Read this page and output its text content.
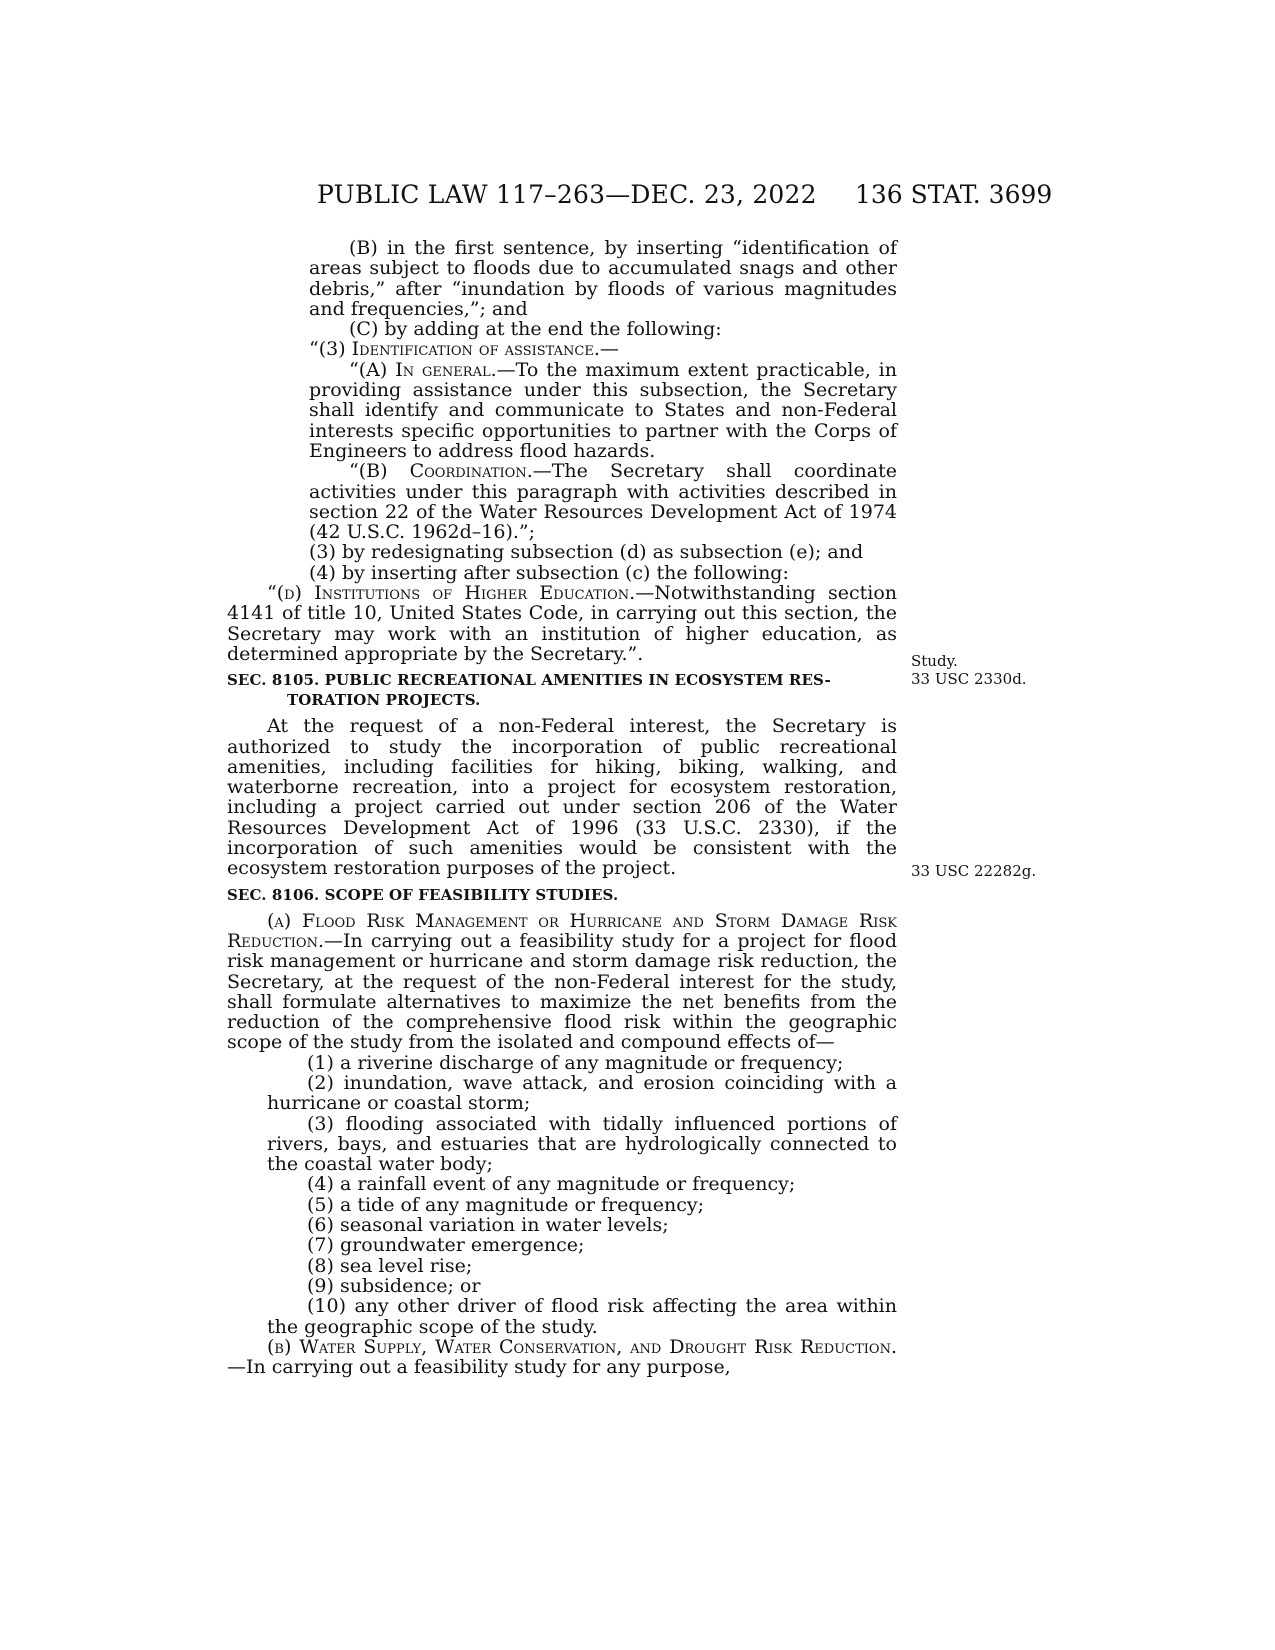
PUBLIC LAW 117–263—DEC. 23, 2022 136 STAT. 3699

(B) in the first sentence, by inserting “identification of areas subject to floods due to accumulated snags and other debris,” after “inundation by floods of various magnitudes and frequencies,”; and

(C) by adding at the end the following:

“(3) Identification of assistance.—

“(A) In general.—To the maximum extent practicable, in providing assistance under this subsection, the Secretary shall identify and communicate to States and non-Federal interests specific opportunities to partner with the Corps of Engineers to address flood hazards.

“(B) Coordination.—The Secretary shall coordinate activities under this paragraph with activities described in section 22 of the Water Resources Development Act of 1974 (42 U.S.C. 1962d–16).”;

(3) by redesignating subsection (d) as subsection (e); and

(4) by inserting after subsection (c) the following:

“(d) Institutions of Higher Education.—Notwithstanding section 4141 of title 10, United States Code, in carrying out this section, the Secretary may work with an institution of higher education, as determined appropriate by the Secretary.”.

SEC. 8105. PUBLIC RECREATIONAL AMENITIES IN ECOSYSTEM RES-
TORATION PROJECTS.

At the request of a non-Federal interest, the Secretary is authorized to study the incorporation of public recreational amenities, including facilities for hiking, biking, walking, and waterborne recreation, into a project for ecosystem restoration, including a project carried out under section 206 of the Water Resources Development Act of 1996 (33 U.S.C. 2330), if the incorporation of such amenities would be consistent with the ecosystem restoration purposes of the project.

SEC. 8106. SCOPE OF FEASIBILITY STUDIES.

(a) Flood Risk Management or Hurricane and Storm Damage Risk Reduction.—In carrying out a feasibility study for a project for flood risk management or hurricane and storm damage risk reduction, the Secretary, at the request of the non-Federal interest for the study, shall formulate alternatives to maximize the net benefits from the reduction of the comprehensive flood risk within the geographic scope of the study from the isolated and compound effects of—

(1) a riverine discharge of any magnitude or frequency;

(2) inundation, wave attack, and erosion coinciding with a hurricane or coastal storm;

(3) flooding associated with tidally influenced portions of rivers, bays, and estuaries that are hydrologically connected to the coastal water body;

(4) a rainfall event of any magnitude or frequency;

(5) a tide of any magnitude or frequency;

(6) seasonal variation in water levels;

(7) groundwater emergence;

(8) sea level rise;

(9) subsidence; or

(10) any other driver of flood risk affecting the area within the geographic scope of the study.

(b) Water Supply, Water Conservation, and Drought Risk Reduction.—In carrying out a feasibility study for any purpose,

Study.
33 USC 2330d.
33 USC 22282g.
